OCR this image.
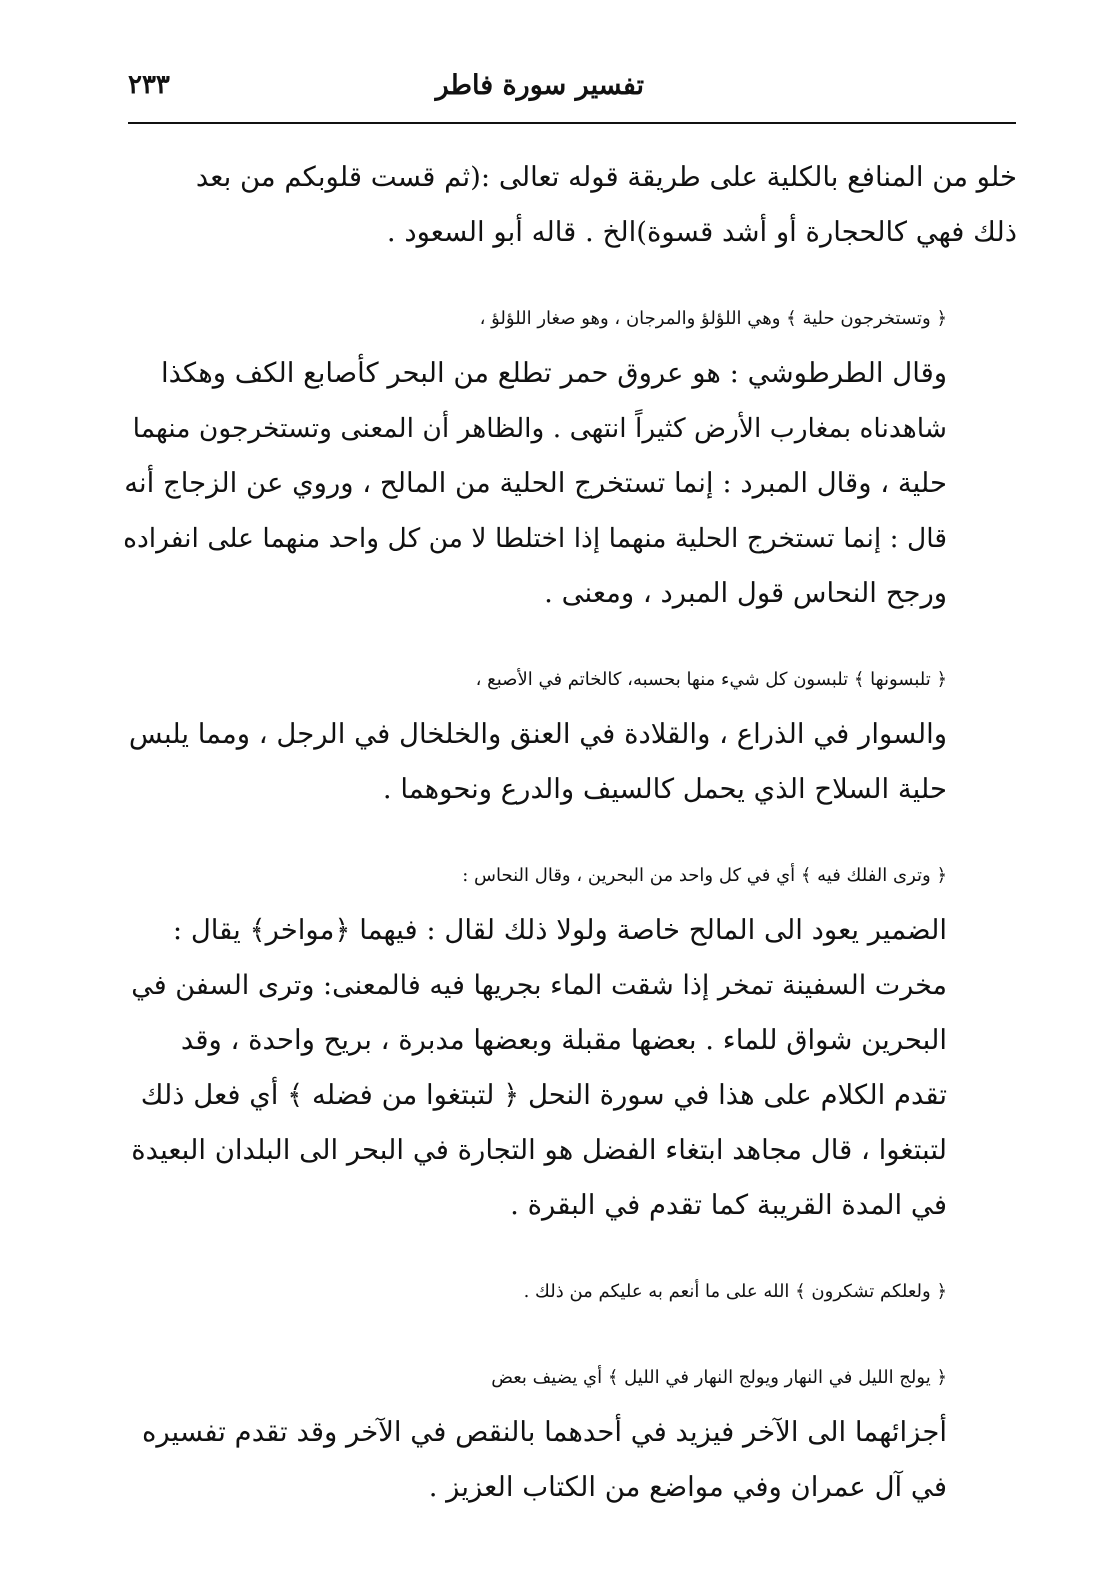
٢٣٣	تفسير سورة فاطر
خلو من المنافع بالكلية على طريقة قوله تعالى :(ثم قست قلوبكم من بعد
ذلك فهي كالحجارة أو أشد قسوة)الخ . قاله أبو السعود .
﴿ وتستخرجون حلية ﴾ وهي اللؤلؤ والمرجان ، وهو صغار اللؤلؤ ،
وقال الطرطوشي : هو عروق حمر تطلع من البحر كأصابع الكف وهكذا
شاهدناه بمغارب الأرض كثيراً انتهى . والظاهر أن المعنى وتستخرجون منهما
حلية ، وقال المبرد : إنما تستخرج الحلية من المالح ، وروي عن الزجاج أنه
قال : إنما تستخرج الحلية منهما إذا اختلطا لا من كل واحد منهما على انفراده
ورجح النحاس قول المبرد ، ومعنى .
﴿ تلبسونها ﴾ تلبسون كل شيء منها بحسبه، كالخاتم في الأصبع ،
والسوار في الذراع ، والقلادة في العنق والخلخال في الرجل ، ومما يلبس
حلية السلاح الذي يحمل كالسيف والدرع ونحوهما .
﴿ وترى الفلك فيه ﴾ أي في كل واحد من البحرين ، وقال النحاس :
الضمير يعود الى المالح خاصة ولولا ذلك لقال : فيهما ﴿مواخر﴾ يقال :
مخرت السفينة تمخر إذا شقت الماء بجريها فيه فالمعنى: وترى السفن في
البحرين شواق للماء . بعضها مقبلة وبعضها مدبرة ، بريح واحدة ، وقد
تقدم الكلام على هذا في سورة النحل ﴿ لتبتغوا من فضله ﴾ أي فعل ذلك
لتبتغوا ، قال مجاهد ابتغاء الفضل هو التجارة في البحر الى البلدان البعيدة
في المدة القريبة كما تقدم في البقرة .
﴿ ولعلكم تشكرون ﴾ الله على ما أنعم به عليكم من ذلك .
﴿ يولج الليل في النهار ويولج النهار في الليل ﴾ أي يضيف بعض
أجزائهما الى الآخر فيزيد في أحدهما بالنقص في الآخر وقد تقدم تفسيره
في آل عمران وفي مواضع من الكتاب العزيز .
